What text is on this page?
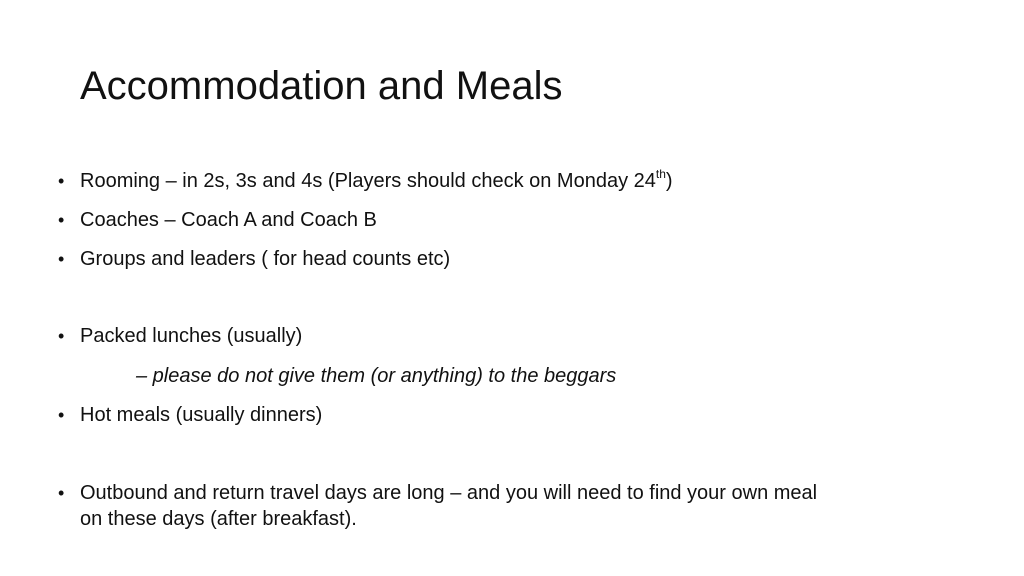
Accommodation and Meals
• Rooming – in 2s, 3s and 4s (Players should check on Monday 24th)
• Coaches – Coach A and Coach B
• Groups and leaders ( for head counts etc)
• Packed lunches (usually)
– please do not give them (or anything) to the beggars
• Hot meals (usually dinners)
• Outbound and return travel days are long – and you will need to find your own meal on these days (after breakfast).
